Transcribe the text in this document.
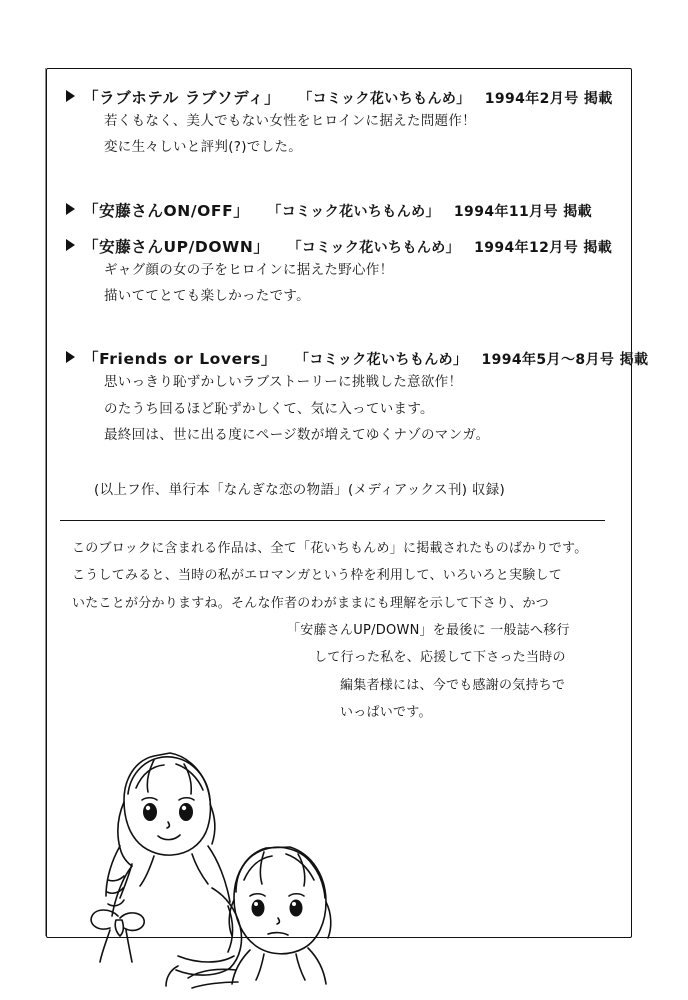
「ラブホテル ラブソディ」 「コミック花いちもんめ」 1994年2月号 掲載
若くもなく、美人でもない女性をヒロインに据えた問題作！
変に生々しいと評判(?)でした。
「安藤さんON/OFF」 「コミック花いちもんめ」 1994年11月号 掲載
「安藤さんUP/DOWN」 「コミック花いちもんめ」 1994年12月号 掲載
ギャグ顔の女の子をヒロインに据えた野心作！
描いててとても楽しかったです。
「Friends or Lovers」 「コミック花いちもんめ」 1994年5月～8月号 掲載
思いっきり恥ずかしいラブストーリーに挑戦した意欲作！
のたうち回るほど恥ずかしくて、気に入っています。
最終回は、世に出る度にページ数が増えてゆくナゾのマンガ。
(以上フ作、単行本「なんぎな恋の物語」(メディアックス刊) 収録)
このブロックに含まれる作品は、全て「花いちもんめ」に掲載されたものばかりです。
こうしてみると、当時の私がエロマンガという枠を利用して、いろいろと実験して
いたことが分かりますね。そんな作者のわがままにも理解を示して下さり、かつ
「安藤さんUP/DOWN」を最後に 一般誌へ移行
して行った私を、応援して下さった当時の
編集者様には、今でも感謝の気持ちで
いっぱいです。
